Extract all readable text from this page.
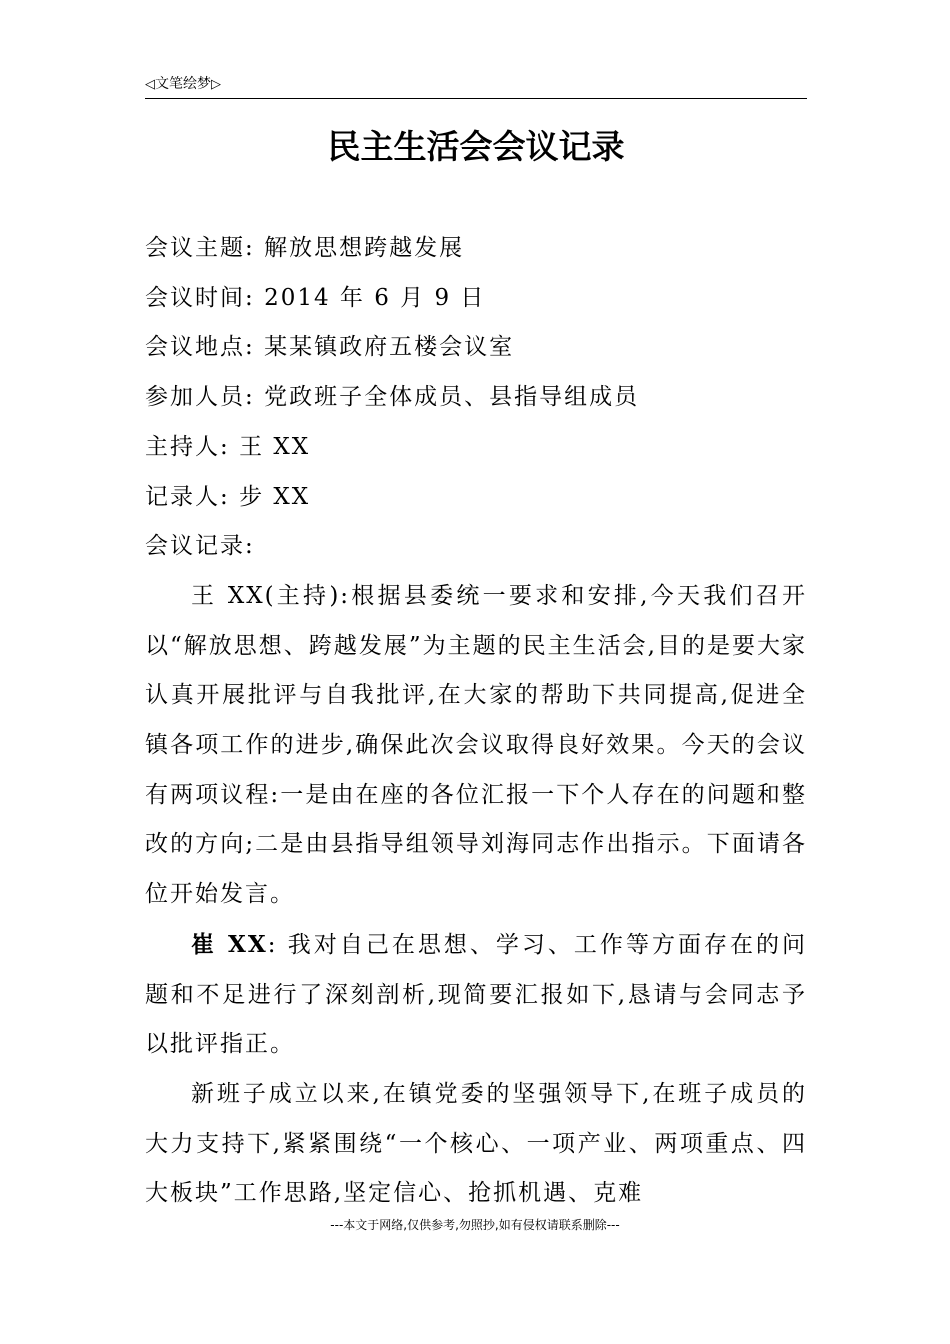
◁文笔绘梦▷
民主生活会会议记录

会议主题: 解放思想跨越发展

会议时间: 2014 年 6 月 9 日

会议地点: 某某镇政府五楼会议室

参加人员: 党政班子全体成员、县指导组成员

主持人: 王 XX

记录人: 步 XX

会议记录:

王 XX(主持):根据县委统一要求和安排,今天我们召开以“解放思想、跨越发展”为主题的民主生活会,目的是要大家认真开展批评与自我批评,在大家的帮助下共同提高,促进全镇各项工作的进步,确保此次会议取得良好效果。今天的会议有两项议程:一是由在座的各位汇报一下个人存在的问题和整改的方向;二是由县指导组领导刘海同志作出指示。下面请各位开始发言。

崔 XX: 我对自己在思想、学习、工作等方面存在的问题和不足进行了深刻剖析,现简要汇报如下,恳请与会同志予以批评指正。

新班子成立以来,在镇党委的坚强领导下,在班子成员的大力支持下,紧紧围绕“一个核心、一项产业、两项重点、四大板块”工作思路,坚定信心、抢抓机遇、克难

---本文于网络,仅供参考,勿照抄,如有侵权请联系删除---
